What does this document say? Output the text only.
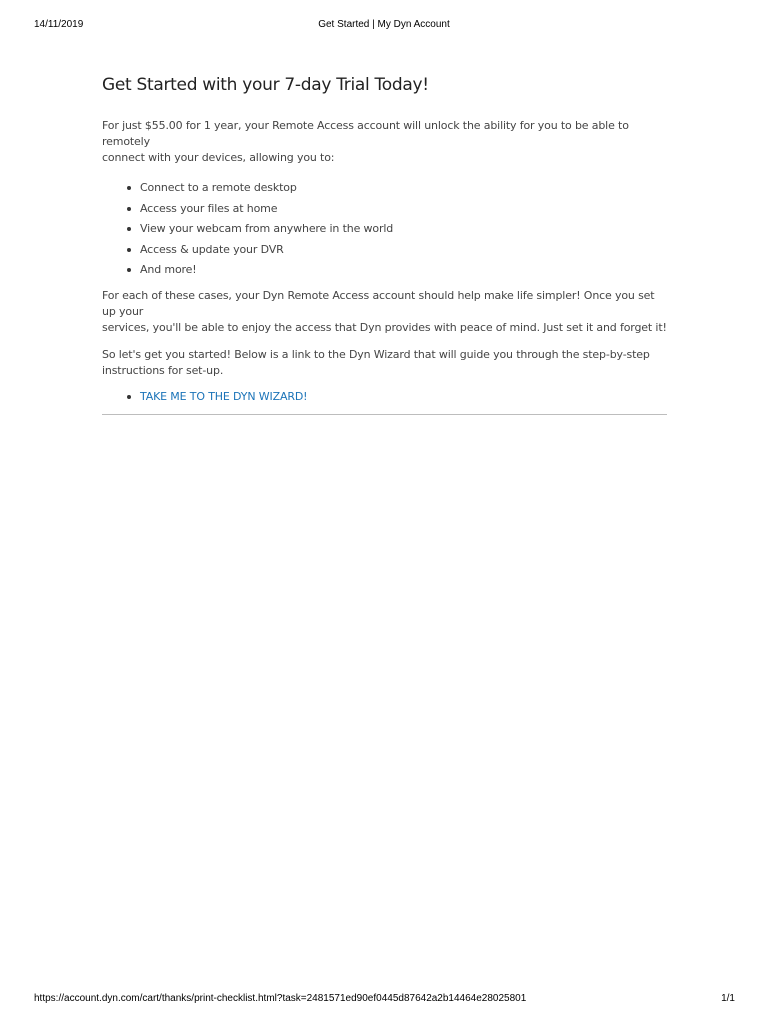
14/11/2019	Get Started | My Dyn Account
Get Started with your 7-day Trial Today!

For just $55.00 for 1 year, your Remote Access account will unlock the ability for you to be able to remotely
connect with your devices, allowing you to:

Connect to a remote desktop
Access your files at home
View your webcam from anywhere in the world
Access & update your DVR
And more!

For each of these cases, your Dyn Remote Access account should help make life simpler! Once you set up your
services, you'll be able to enjoy the access that Dyn provides with peace of mind. Just set it and forget it!

So let's get you started! Below is a link to the Dyn Wizard that will guide you through the step-by-step
instructions for set-up.

TAKE ME TO THE DYN WIZARD!
https://account.dyn.com/cart/thanks/print-checklist.html?task=2481571ed90ef0445d87642a2b14464e28025801	1/1
